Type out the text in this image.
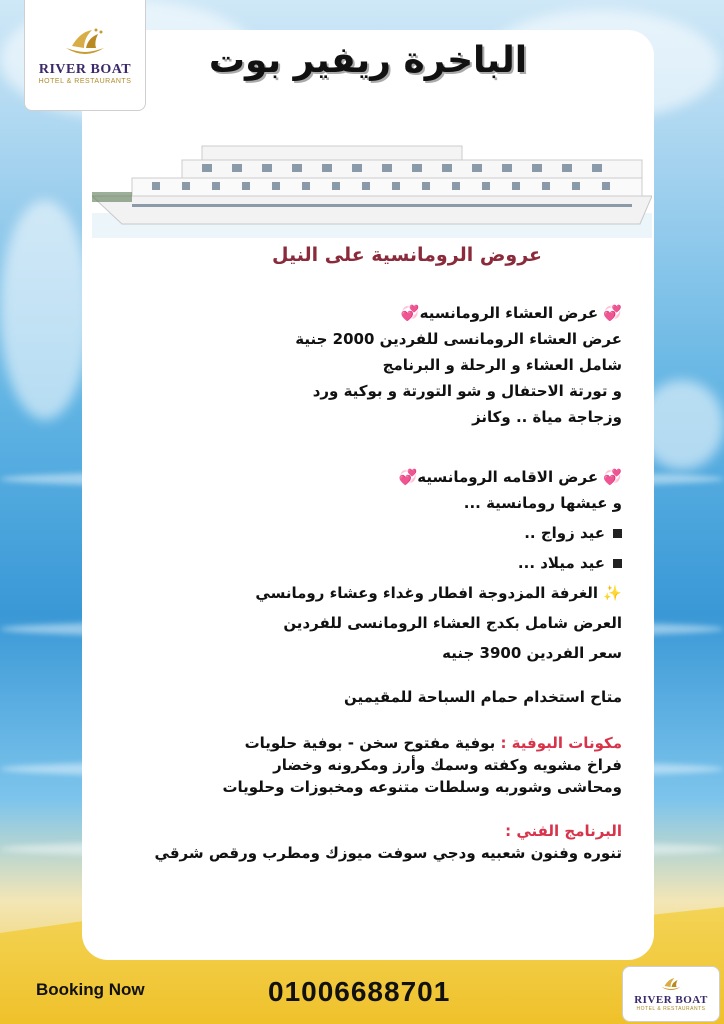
RIVER BOAT
HOTEL & RESTAURANTS	الباخرة ريفير بوت
عروض الرومانسية على النيل

💞 عرض العشاء الرومانسيه💞

عرض العشاء الرومانسى للفردين 2000 جنية

شامل العشاء و الرحلة و البرنامج

و تورتة الاحتفال و شو التورتة و بوكية ورد

وزجاجة مياة .. وكانز

💞 عرض الاقامه الرومانسيه💞

و عيشها رومانسية ...

عيد زواج ..

عيد ميلاد ...

✨ الغرفة المزدوجة افطار وغداء وعشاء رومانسي

العرض شامل بكدج العشاء الرومانسى للفردين

سعر الفردين 3900 جنيه

متاح استخدام حمام السباحة للمقيمين

مكونات البوفية : بوفية مفتوح سخن - بوفية حلويات

فراخ مشويه وكفته وسمك وأرز ومكرونه وخضار

ومحاشى وشوربه وسلطات متنوعه ومخبوزات وحلويات

البرنامج الفني :

تنوره وفنون شعبيه ودجي سوفت ميوزك ومطرب ورقص شرقي

Booking Now	01006688701	RIVER BOAT
HOTEL & RESTAURANTS
